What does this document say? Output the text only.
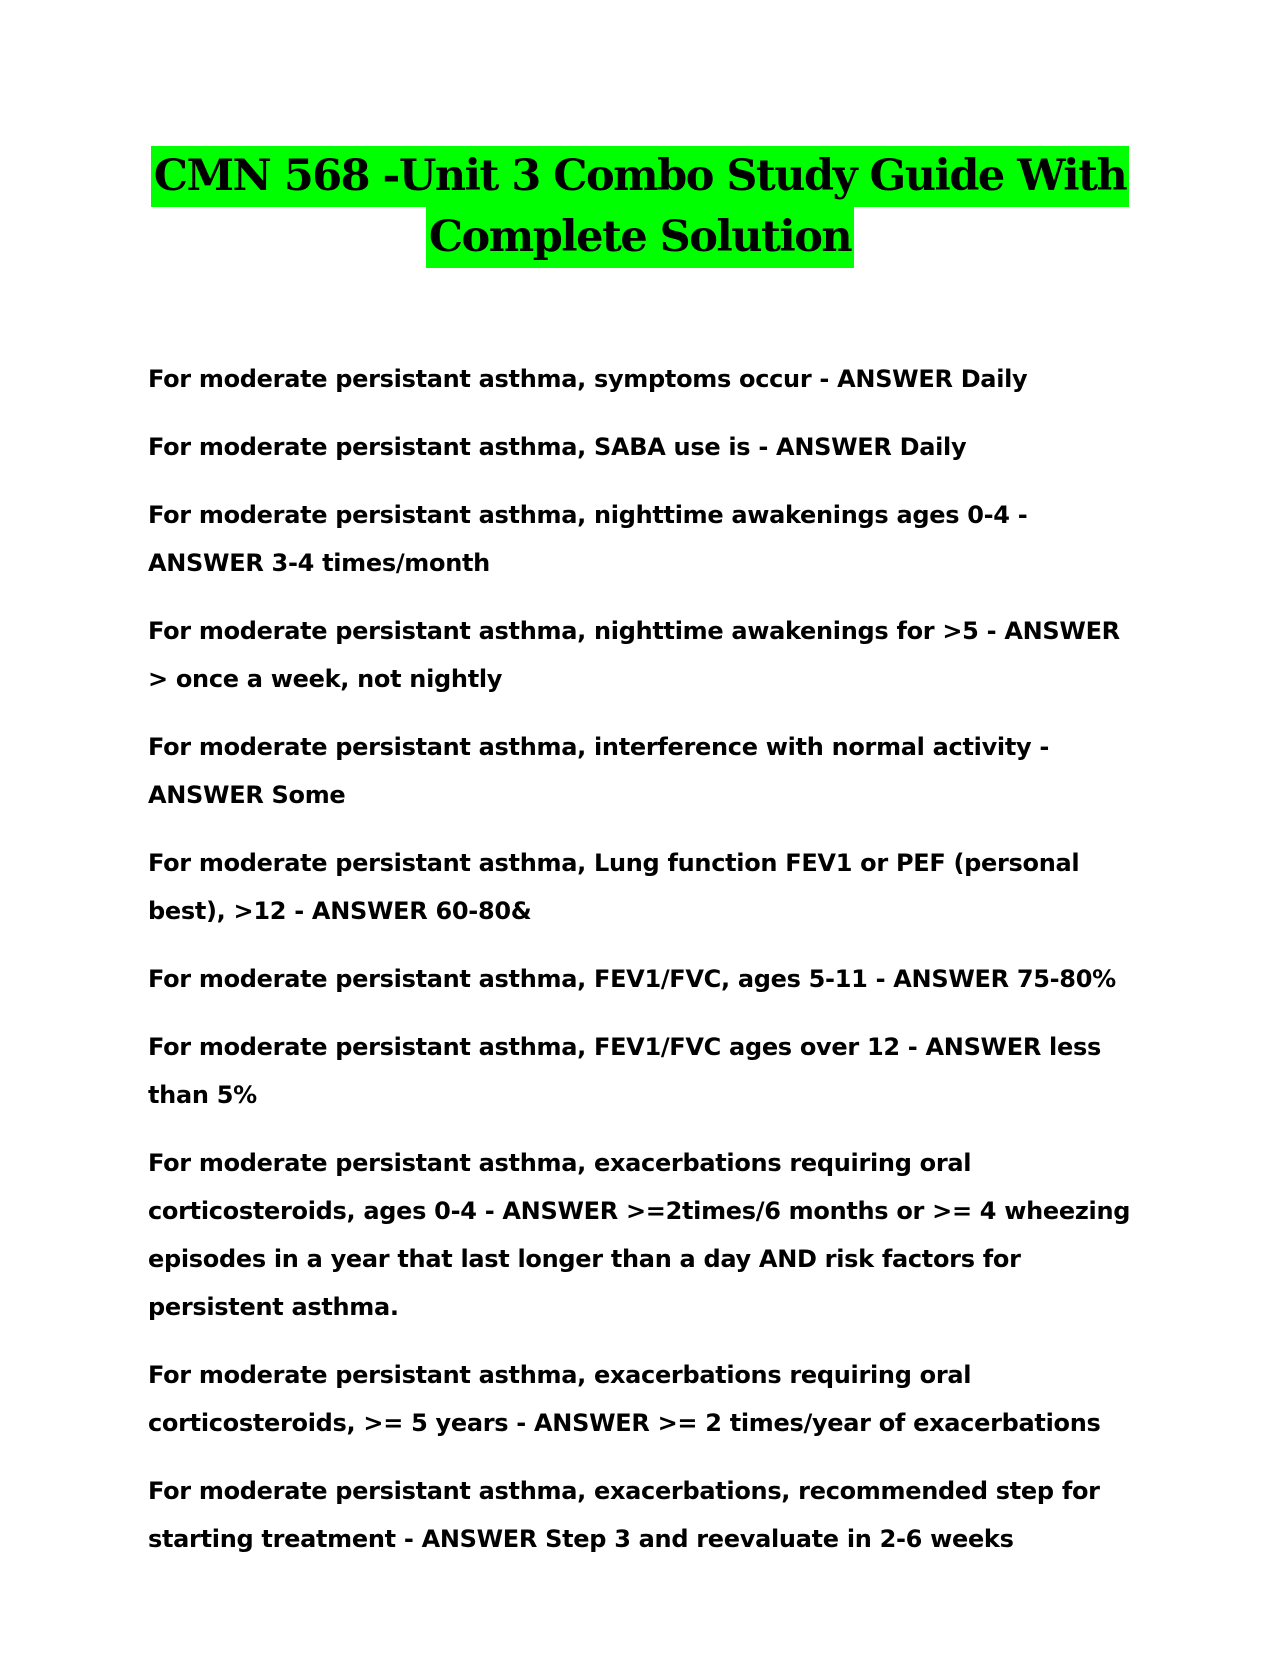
CMN 568 -Unit 3 Combo Study Guide With
Complete Solution

For moderate persistant asthma, symptoms occur - ANSWER Daily

For moderate persistant asthma, SABA use is - ANSWER Daily

For moderate persistant asthma, nighttime awakenings ages 0-4 - ANSWER 3-4 times/month

For moderate persistant asthma, nighttime awakenings for >5 - ANSWER > once a week, not nightly

For moderate persistant asthma, interference with normal activity - ANSWER Some

For moderate persistant asthma, Lung function FEV1 or PEF (personal best), >12 - ANSWER 60-80&

For moderate persistant asthma, FEV1/FVC, ages 5-11 - ANSWER 75-80%

For moderate persistant asthma, FEV1/FVC ages over 12 - ANSWER less than 5%

For moderate persistant asthma, exacerbations requiring oral corticosteroids, ages 0-4 - ANSWER >=2times/6 months or >= 4 wheezing episodes in a year that last longer than a day AND risk factors for persistent asthma.

For moderate persistant asthma, exacerbations requiring oral corticosteroids, >= 5 years - ANSWER >= 2 times/year of exacerbations

For moderate persistant asthma, exacerbations, recommended step for starting treatment - ANSWER Step 3 and reevaluate in 2-6 weeks
